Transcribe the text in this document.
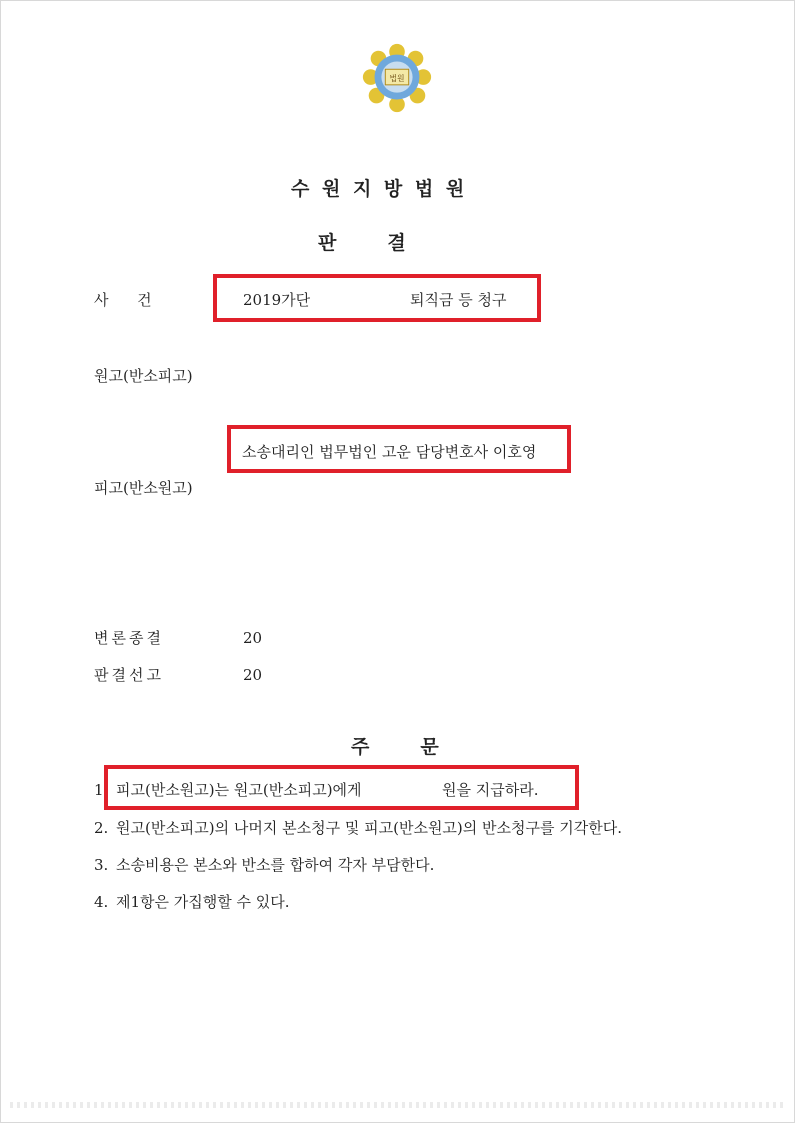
법원
수 원 지 방 법 원
판     결
사      건	2019가단	퇴직금 등 청구
원고(반소피고)
소송대리인 법무법인 고운 담당변호사 이호영
피고(반소원고)
변론종결	20
판결선고	20
주     문
1. 피고(반소원고)는 원고(반소피고)에게	원을 지급하라.
2. 원고(반소피고)의 나머지 본소청구 및 피고(반소원고)의 반소청구를 기각한다.
3. 소송비용은 본소와 반소를 합하여 각자 부담한다.
4. 제1항은 가집행할 수 있다.
